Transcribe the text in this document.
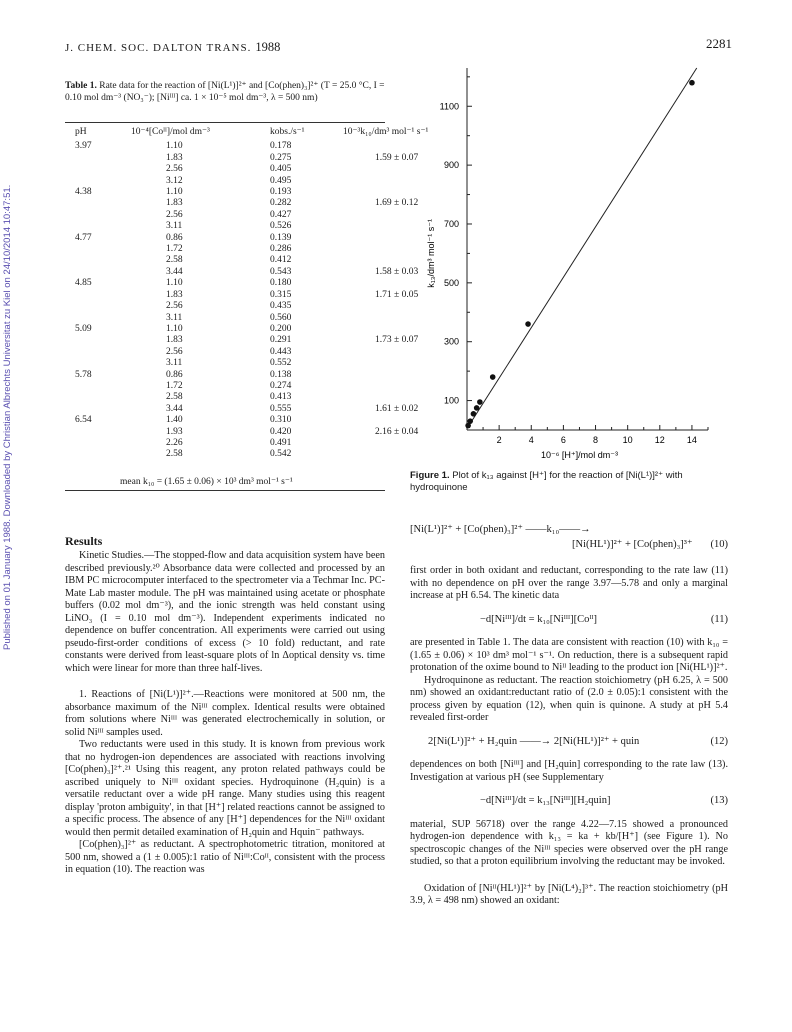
J. CHEM. SOC. DALTON TRANS. 1988	2281
Published on 01 January 1988. Downloaded by Christian Albrechts Universitat zu Kiel on 24/10/2014 10:47:51.
Table 1. Rate data for the reaction of [Ni(L¹)]²⁺ and [Co(phen)₃]²⁺ (T = 25.0 °C, I = 0.10 mol dm⁻³ (NO₃⁻); [Niᴵᴵᴵ] ca. 1 × 10⁻⁵ mol dm⁻³, λ = 500 nm)
pH	10⁻⁴[Coᴵᴵ]/mol dm⁻³	kobs./s⁻¹	10⁻³k₁₀/dm³ mol⁻¹ s⁻¹
3.97	1.10	0.178	
	1.83	0.275	1.59 ± 0.07
	2.56	0.405	
	3.12	0.495	
4.38	1.10	0.193	
	1.83	0.282	1.69 ± 0.12
	2.56	0.427	
	3.11	0.526	
4.77	0.86	0.139	
	1.72	0.286	
	2.58	0.412	
	3.44	0.543	1.58 ± 0.03
4.85	1.10	0.180	
	1.83	0.315	1.71 ± 0.05
	2.56	0.435	
	3.11	0.560	
5.09	1.10	0.200	
	1.83	0.291	1.73 ± 0.07
	2.56	0.443	
	3.11	0.552	
5.78	0.86	0.138	
	1.72	0.274	
	2.58	0.413	
	3.44	0.555	1.61 ± 0.02
6.54	1.40	0.310	
	1.93	0.420	2.16 ± 0.04
	2.26	0.491	
	2.58	0.542	
mean k₁₀ = (1.65 ± 0.06) × 10³ dm³ mol⁻¹ s⁻¹
Results

Kinetic Studies.—The stopped-flow and data acquisition system have been described previously.²⁰ Absorbance data were collected and processed by an IBM PC microcomputer interfaced to the spectrometer via a Techmar Inc. PC-Mate Lab master module. The pH was maintained using acetate or phosphate buffers (0.02 mol dm⁻³), and the ionic strength was held constant using LiNO₃ (I = 0.10 mol dm⁻³). Independent experiments indicated no dependence on buffer concentration. All experiments were carried out using pseudo-first-order conditions of excess (> 10 fold) reductant, and rate constants were derived from least-square plots of ln Δoptical density vs. time which were linear for more than three half-lives.

1. Reactions of [Ni(L¹)]²⁺.—Reactions were monitored at 500 nm, the absorbance maximum of the Niᴵᴵᴵ complex. Identical results were obtained from solutions where Niᴵᴵᴵ was generated electrochemically in solution, or solid Niᴵᴵᴵ samples used.

Two reductants were used in this study. It is known from previous work that no hydrogen-ion dependences are associated with reactions involving [Co(phen)₃]²⁺.²¹ Using this reagent, any proton related pathways could be ascribed uniquely to Niᴵᴵᴵ oxidant species. Hydroquinone (H₂quin) is a versatile reductant over a wide pH range. Many studies using this reagent display 'proton ambiguity', in that [H⁺] related reactions cannot be assigned to a specific process. The absence of any [H⁺] dependences for the Niᴵᴵᴵ oxidant would then permit detailed examination of H₂quin and Hquin⁻ pathways.

[Co(phen)₃]²⁺ as reductant. A spectrophotometric titration, monitored at 500 nm, showed a (1 ± 0.005):1 ratio of Niᴵᴵᴵ:Coᴵᴵ, consistent with the process in equation (10). The reaction was

100
300
500
700
900
1100
2	4	6	8	10 12 14
10⁻⁶ [H⁺]/mol dm⁻³
k₁₃/dm³ mol⁻¹ s⁻¹
Figure 1. Plot of k₁₃ against [H⁺] for the reaction of [Ni(L¹)]²⁺ with hydroquinone
[Ni(L¹)]²⁺ + [Co(phen)₃]²⁺ ——k₁₀——→
[Ni(HL¹)]²⁺ + [Co(phen)₃]³⁺ (10)

first order in both oxidant and reductant, corresponding to the rate law (11) with no dependence on pH over the range 3.97—5.78 and only a marginal increase at pH 6.54. The kinetic data

−d[Niᴵᴵᴵ]/dt = k₁₀[Niᴵᴵᴵ][Coᴵᴵ]	(11)

are presented in Table 1. The data are consistent with reaction (10) with k₁₀ = (1.65 ± 0.06) × 10³ dm³ mol⁻¹ s⁻¹. On reduction, there is a subsequent rapid protonation of the oxime bound to Niᴵᴵ leading to the product ion [Ni(HL¹)]²⁺.

Hydroquinone as reductant. The reaction stoichiometry (pH 6.25, λ = 500 nm) showed an oxidant:reductant ratio of (2.0 ± 0.05):1 consistent with the process given by equation (12), when quin is quinone. A study at pH 5.4 revealed first-order

2[Ni(L¹)]²⁺ + H₂quin ——→ 2[Ni(HL¹)]²⁺ + quin	(12)

dependences on both [Niᴵᴵᴵ] and [H₂quin] corresponding to the rate law (13). Investigation at various pH (see Supplementary

−d[Niᴵᴵᴵ]/dt = k₁₃[Niᴵᴵᴵ][H₂quin]	(13)

material, SUP 56718) over the range 4.22—7.15 showed a pronounced hydrogen-ion dependence with k₁₃ = ka + kb/[H⁺] (see Figure 1). No spectroscopic changes of the Niᴵᴵᴵ species were observed over the pH range studied, so that a proton equilibrium involving the reductant may be invoked.

Oxidation of [Niᴵᴵ(HL¹)]²⁺ by [Ni(L⁴)₂]³⁺. The reaction stoichiometry (pH 3.9, λ = 498 nm) showed an oxidant:
